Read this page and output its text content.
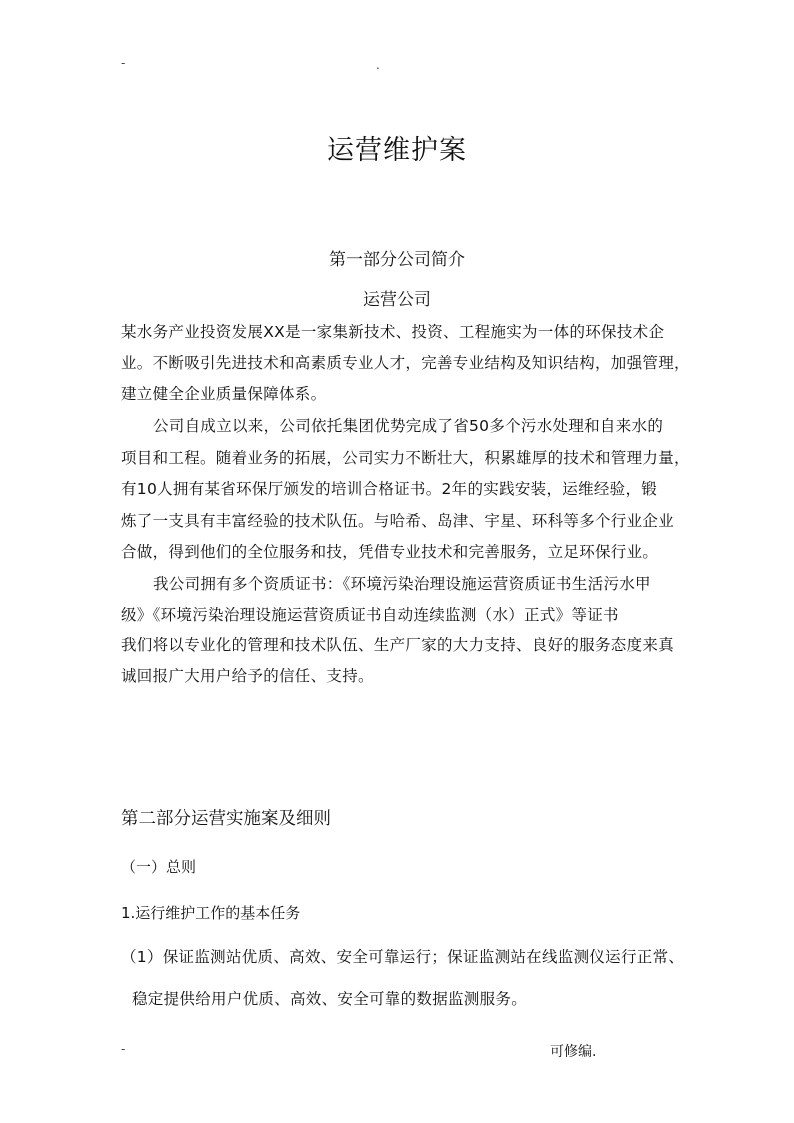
-	.
运营维护案
第一部分公司简介
运营公司
某水务产业投资发展XX是一家集新技术、投资、工程施实为一体的环保技术企
业。不断吸引先进技术和高素质专业人才，完善专业结构及知识结构，加强管理，
建立健全企业质量保障体系。
公司自成立以来，公司依托集团优势完成了省50多个污水处理和自来水的
项目和工程。随着业务的拓展，公司实力不断壮大，积累雄厚的技术和管理力量，
有10人拥有某省环保厅颁发的培训合格证书。2年的实践安装，运维经验，锻
炼了一支具有丰富经验的技术队伍。与哈希、岛津、宇星、环科等多个行业企业
合做，得到他们的全位服务和技，凭借专业技术和完善服务，立足环保行业。
我公司拥有多个资质证书：《环境污染治理设施运营资质证书生活污水甲
级》《环境污染治理设施运营资质证书自动连续监测（水）正式》等证书
我们将以专业化的管理和技术队伍、生产厂家的大力支持、良好的服务态度来真
诚回报广大用户给予的信任、支持。
第二部分运营实施案及细则
（一）总则
1.运行维护工作的基本任务
（1）保证监测站优质、高效、安全可靠运行；保证监测站在线监测仪运行正常、
稳定提供给用户优质、高效、安全可靠的数据监测服务。
-	可修编.
